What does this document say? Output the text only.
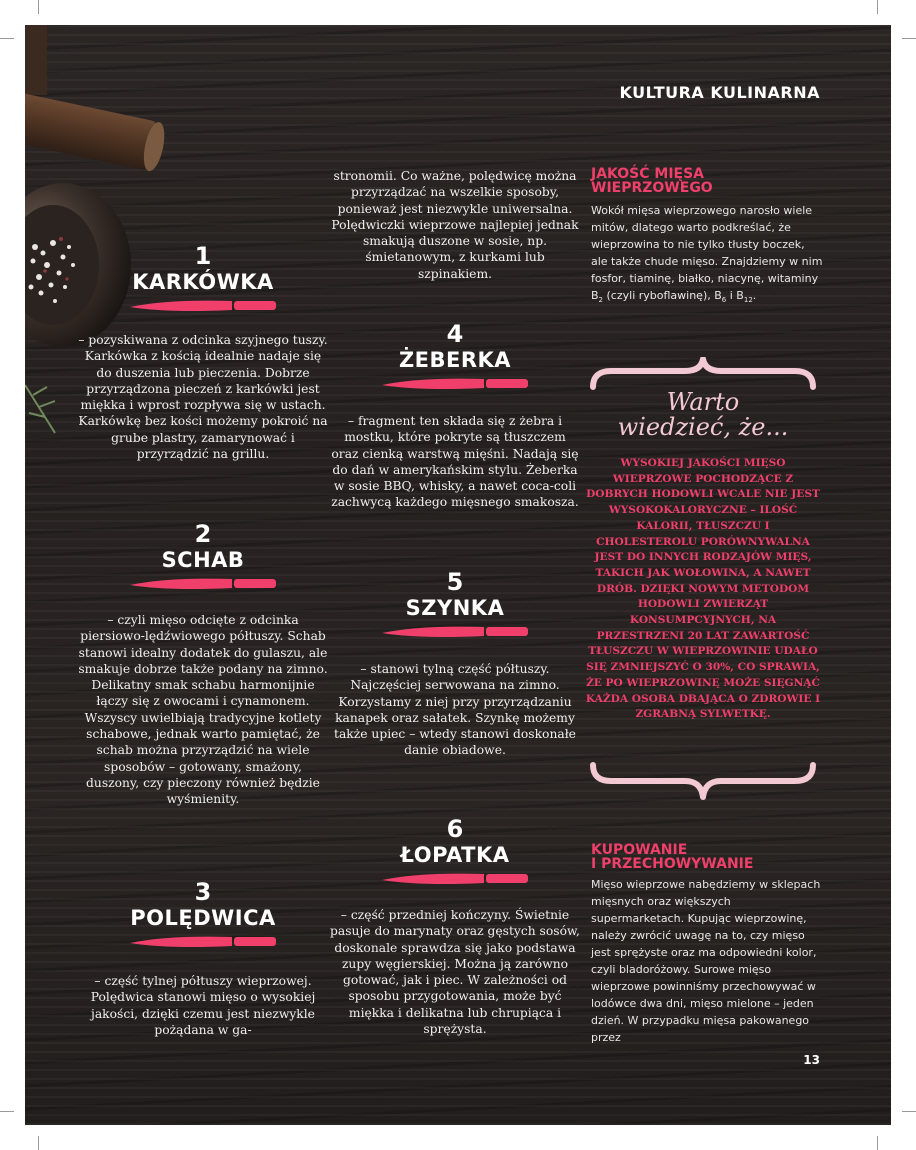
KULTURA KULINARNA
1
KARKÓWKA
– pozyskiwana z odcinka szyjnego tuszy. Karkówka z kością idealnie nadaje się do duszenia lub pieczenia. Dobrze przyrządzona pieczeń z karkówki jest miękka i wprost rozpływa się w ustach. Karkówkę bez kości możemy pokroić na grube plastry, zamarynować i przyrządzić na grillu.
2
SCHAB
– czyli mięso odcięte z odcinka piersiowo-lędźwiowego półtuszy. Schab stanowi idealny dodatek do gulaszu, ale smakuje dobrze także podany na zimno. Delikatny smak schabu harmonijnie łączy się z owocami i cynamonem. Wszyscy uwielbiają tradycyjne kotlety schabowe, jednak warto pamiętać, że schab można przyrządzić na wiele sposobów – gotowany, smażony, duszony, czy pieczony również będzie wyśmienity.
3
POLĘDWICA
– część tylnej półtuszy wieprzowej. Polędwica stanowi mięso o wysokiej jakości, dzięki czemu jest niezwykle pożądana w ga-
stronomii. Co ważne, polędwicę można przyrządzać na wszelkie sposoby, ponieważ jest niezwykle uniwersalna. Polędwiczki wieprzowe najlepiej jednak smakują duszone w sosie, np. śmietanowym, z kurkami lub szpinakiem.
4
ŻEBERKA
– fragment ten składa się z żebra i mostku, które pokryte są tłuszczem oraz cienką warstwą mięśni. Nadają się do dań w amerykańskim stylu. Żeberka w sosie BBQ, whisky, a nawet coca-coli zachwycą każdego mięsnego smakosza.
5
SZYNKA
– stanowi tylną część półtuszy. Najczęściej serwowana na zimno. Korzystamy z niej przy przyrządzaniu kanapek oraz sałatek. Szynkę możemy także upiec – wtedy stanowi doskonałe danie obiadowe.
6
ŁOPATKA
– część przedniej kończyny. Świetnie pasuje do marynaty oraz gęstych sosów, doskonale sprawdza się jako podstawa zupy węgierskiej. Można ją zarówno gotować, jak i piec. W zależności od sposobu przygotowania, może być miękka i delikatna lub chrupiąca i sprężysta.
JAKOŚĆ MIĘSA
WIEPRZOWEGO
Wokół mięsa wieprzowego narosło wiele mitów, dlatego warto podkreślać, że wieprzowina to nie tylko tłusty boczek, ale także chude mięso. Znajdziemy w nim fosfor, tiaminę, białko, niacynę, witaminy $B_2$ (czyli ryboflawinę), $B_6$ i $B_{12}$.
Warto
wiedzieć, że...
WYSOKIEJ JAKOŚCI MIĘSO WIEPRZOWE POCHODZĄCE Z DOBRYCH HODOWLI WCALE NIE JEST WYSOKOKALORYCZNE – ILOŚĆ KALORII, TŁUSZCZU I CHOLESTEROLU PORÓWNYWALNA JEST DO INNYCH RODZAJÓW MIĘS, TAKICH JAK WOŁOWINA, A NAWET DRÓB. DZIĘKI NOWYM METODOM HODOWLI ZWIERZĄT KONSUMPCYJNYCH, NA PRZESTRZENI 20 LAT ZAWARTOŚĆ TŁUSZCZU W WIEPRZOWINIE UDAŁO SIĘ ZMNIEJSZYĆ O 30%, CO SPRAWIA, ŻE PO WIEPRZOWINĘ MOŻE SIĘGNĄĆ KAŻDA OSOBA DBAJĄCA O ZDROWIE I ZGRABNĄ SYLWETKĘ.
KUPOWANIE
I PRZECHOWYWANIE
Mięso wieprzowe nabędziemy w sklepach mięsnych oraz większych supermarketach. Kupując wieprzowinę, należy zwrócić uwagę na to, czy mięso jest sprężyste oraz ma odpowiedni kolor, czyli bladoróżowy. Surowe mięso wieprzowe powinniśmy przechowywać w lodówce dwa dni, mięso mielone – jeden dzień. W przypadku mięsa pakowanego przez
13
